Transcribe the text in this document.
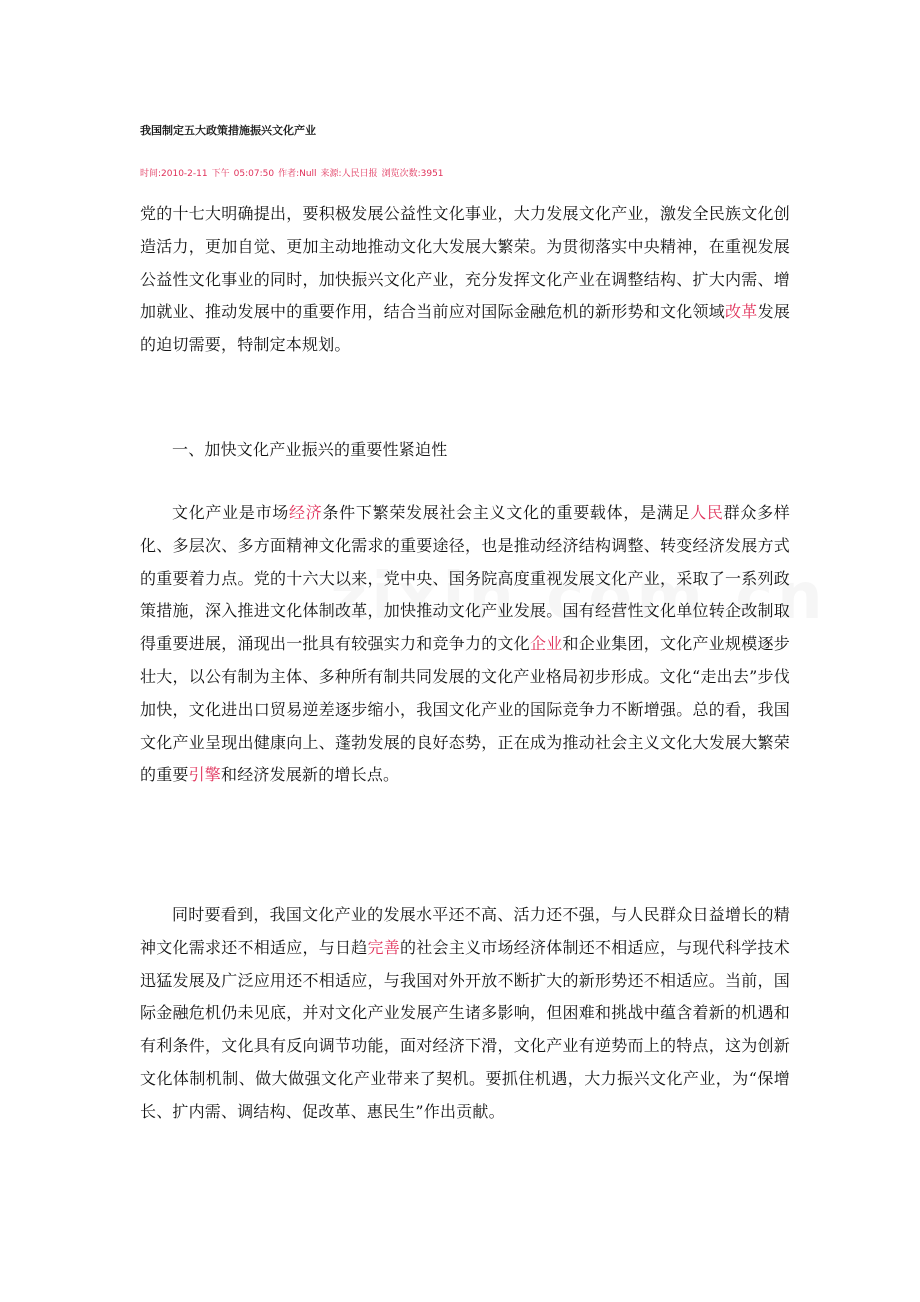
我国制定五大政策措施振兴文化产业
时间:2010-2-11 下午 05:07:50 作者:Null 来源:人民日报 浏览次数:3951
党的十七大明确提出，要积极发展公益性文化事业，大力发展文化产业，激发全民族文化创造活力，更加自觉、更加主动地推动文化大发展大繁荣。为贯彻落实中央精神，在重视发展公益性文化事业的同时，加快振兴文化产业，充分发挥文化产业在调整结构、扩大内需、增加就业、推动发展中的重要作用，结合当前应对国际金融危机的新形势和文化领域改革发展的迫切需要，特制定本规划。
一、加快文化产业振兴的重要性紧迫性
文化产业是市场经济条件下繁荣发展社会主义文化的重要载体，是满足人民群众多样化、多层次、多方面精神文化需求的重要途径，也是推动经济结构调整、转变经济发展方式的重要着力点。党的十六大以来，党中央、国务院高度重视发展文化产业，采取了一系列政策措施，深入推进文化体制改革，加快推动文化产业发展。国有经营性文化单位转企改制取得重要进展，涌现出一批具有较强实力和竞争力的文化企业和企业集团，文化产业规模逐步壮大，以公有制为主体、多种所有制共同发展的文化产业格局初步形成。文化“走出去”步伐加快，文化进出口贸易逆差逐步缩小，我国文化产业的国际竞争力不断增强。总的看，我国文化产业呈现出健康向上、蓬勃发展的良好态势，正在成为推动社会主义文化大发展大繁荣的重要引擎和经济发展新的增长点。
同时要看到，我国文化产业的发展水平还不高、活力还不强，与人民群众日益增长的精神文化需求还不相适应，与日趋完善的社会主义市场经济体制还不相适应，与现代科学技术迅猛发展及广泛应用还不相适应，与我国对外开放不断扩大的新形势还不相适应。当前，国际金融危机仍未见底，并对文化产业发展产生诸多影响，但困难和挑战中蕴含着新的机遇和有利条件，文化具有反向调节功能，面对经济下滑，文化产业有逆势而上的特点，这为创新文化体制机制、做大做强文化产业带来了契机。要抓住机遇，大力振兴文化产业，为“保增长、扩内需、调结构、促改革、惠民生”作出贡献。
